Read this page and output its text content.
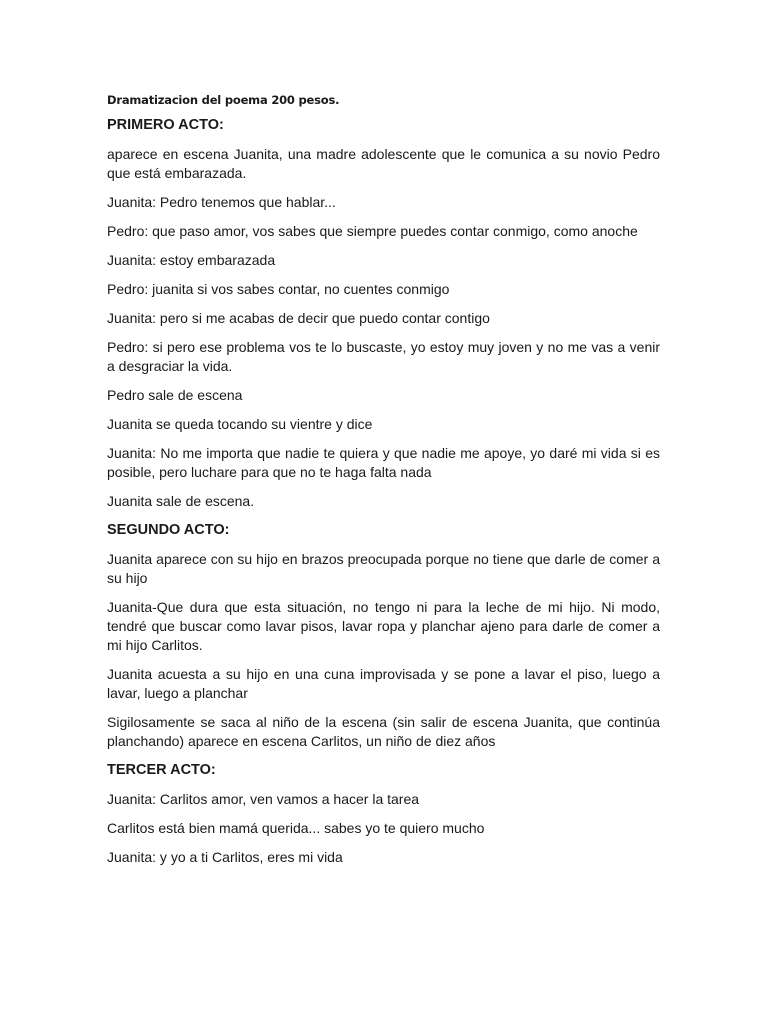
Dramatizacion del poema 200 pesos.

PRIMERO ACTO:

aparece en escena Juanita, una madre adolescente que le comunica a su novio Pedro que está embarazada.

Juanita: Pedro tenemos que hablar...

Pedro: que paso amor, vos sabes que siempre puedes contar conmigo, como anoche

Juanita: estoy embarazada

Pedro: juanita si vos sabes contar, no cuentes conmigo

Juanita: pero si me acabas de decir que puedo contar contigo

Pedro: si pero ese problema vos te lo buscaste, yo estoy muy joven y no me vas a venir a desgraciar la vida.

Pedro sale de escena

Juanita se queda tocando su vientre y dice

Juanita: No me importa que nadie te quiera y que nadie me apoye, yo daré mi vida si es posible, pero luchare para que no te haga falta nada

Juanita sale de escena.

SEGUNDO ACTO:

Juanita aparece con su hijo en brazos preocupada porque no tiene que darle de comer a su hijo

Juanita-Que dura que esta situación, no tengo ni para la leche de mi hijo. Ni modo, tendré que buscar como lavar pisos, lavar ropa y planchar ajeno para darle de comer a mi hijo Carlitos.

Juanita acuesta a su hijo en una cuna improvisada y se pone a lavar el piso, luego a lavar, luego a planchar

Sigilosamente se saca al niño de la escena (sin salir de escena Juanita, que continúa planchando) aparece en escena Carlitos, un niño de diez años

TERCER ACTO:

Juanita: Carlitos amor, ven vamos a hacer la tarea

Carlitos está bien mamá querida... sabes yo te quiero mucho

Juanita: y yo a ti Carlitos, eres mi vida
